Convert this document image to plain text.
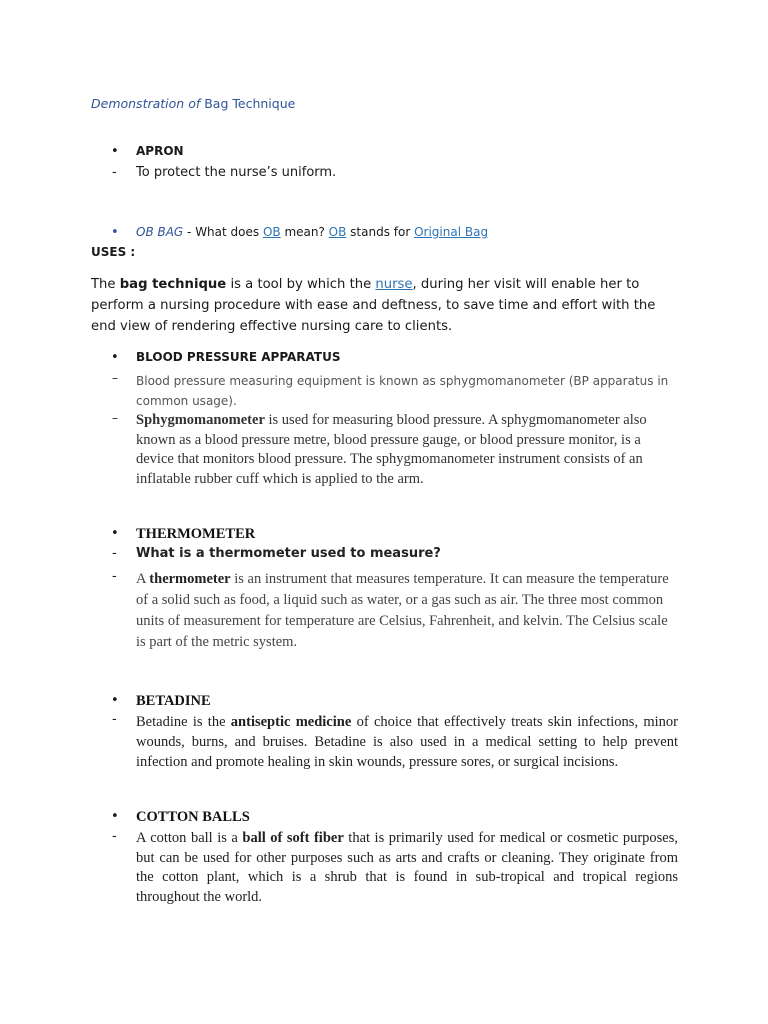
Demonstration of Bag Technique
• APRON
- To protect the nurse’s uniform.
• OB BAG - What does OB mean? OB stands for Original Bag
USES :
The bag technique is a tool by which the nurse, during her visit will enable her to perform a nursing procedure with ease and deftness, to save time and effort with the end view of rendering effective nursing care to clients.
• BLOOD PRESSURE APPARATUS
– Blood pressure measuring equipment is known as sphygmomanometer (BP apparatus in common usage).
– Sphygmomanometer is used for measuring blood pressure. A sphygmomanometer also known as a blood pressure metre, blood pressure gauge, or blood pressure monitor, is a device that monitors blood pressure. The sphygmomanometer instrument consists of an inflatable rubber cuff which is applied to the arm.
• THERMOMETER
- What is a thermometer used to measure?
- A thermometer is an instrument that measures temperature. It can measure the temperature of a solid such as food, a liquid such as water, or a gas such as air. The three most common units of measurement for temperature are Celsius, Fahrenheit, and kelvin. The Celsius scale is part of the metric system.
• BETADINE
- Betadine is the antiseptic medicine of choice that effectively treats skin infections, minor wounds, burns, and bruises. Betadine is also used in a medical setting to help prevent infection and promote healing in skin wounds, pressure sores, or surgical incisions.
• COTTON BALLS
- A cotton ball is a ball of soft fiber that is primarily used for medical or cosmetic purposes, but can be used for other purposes such as arts and crafts or cleaning. They originate from the cotton plant, which is a shrub that is found in sub-tropical and tropical regions throughout the world.
